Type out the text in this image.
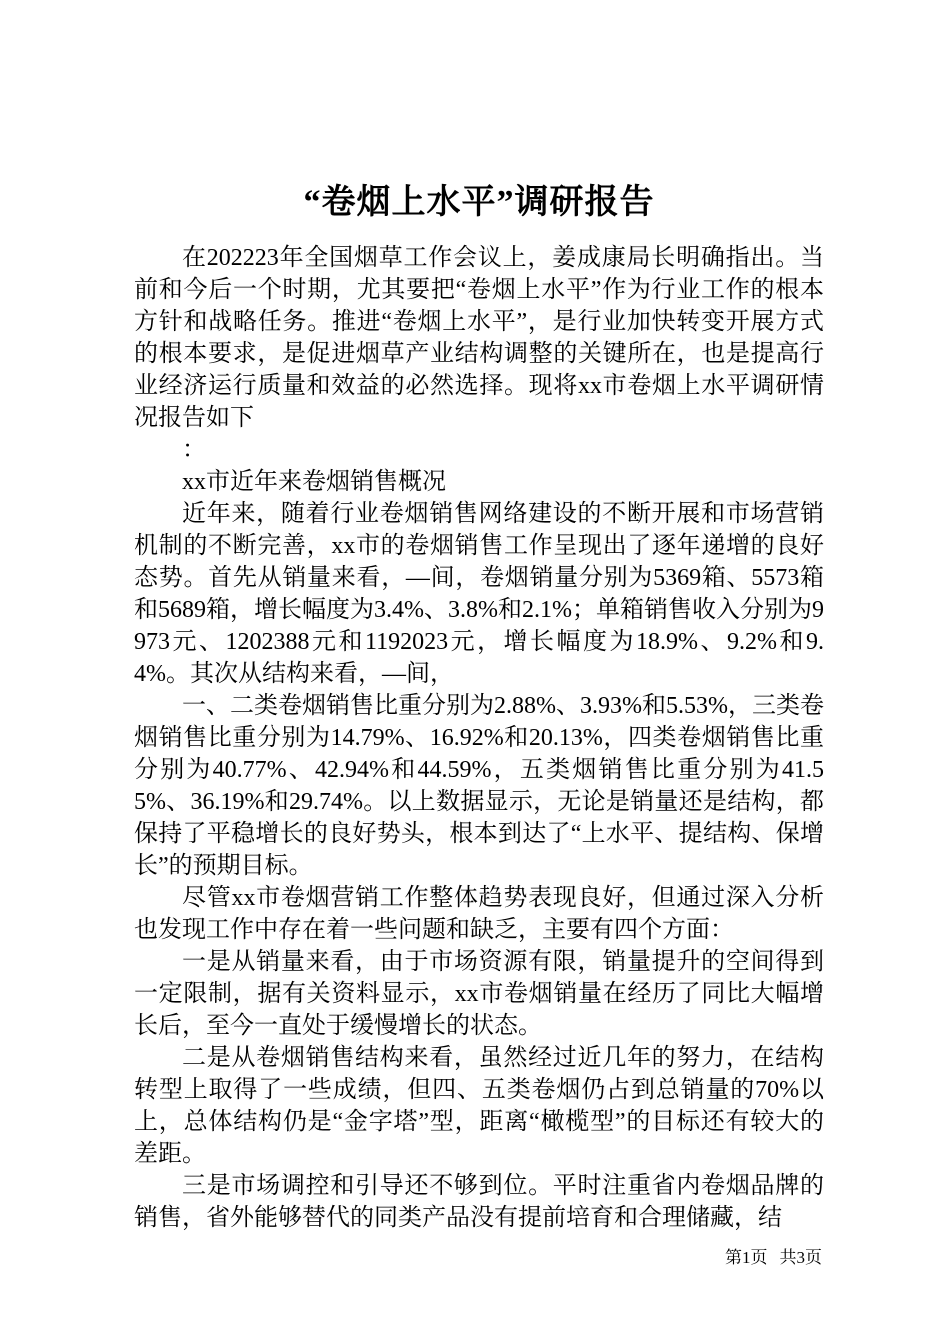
“卷烟上水平”调研报告

在202223年全国烟草工作会议上，姜成康局长明确指出。当前和今后一个时期，尤其要把“卷烟上水平”作为行业工作的根本方针和战略任务。推进“卷烟上水平”，是行业加快转变开展方式的根本要求，是促进烟草产业结构调整的关键所在，也是提高行业经济运行质量和效益的必然选择。现将xx市卷烟上水平调研情况报告如下

：

xx市近年来卷烟销售概况

近年来，随着行业卷烟销售网络建设的不断开展和市场营销机制的不断完善，xx市的卷烟销售工作呈现出了逐年递增的良好态势。首先从销量来看，—间，卷烟销量分别为5369箱、5573箱和5689箱，增长幅度为3.4%、3.8%和2.1%；单箱销售收入分别为9973元、1202388元和1192023元，增长幅度为18.9%、9.2%和9.4%。其次从结构来看，—间，

一、二类卷烟销售比重分别为2.88%、3.93%和5.53%，三类卷烟销售比重分别为14.79%、16.92%和20.13%，四类卷烟销售比重分别为40.77%、42.94%和44.59%，五类烟销售比重分别为41.55%、36.19%和29.74%。以上数据显示，无论是销量还是结构，都保持了平稳增长的良好势头，根本到达了“上水平、提结构、保增长”的预期目标。

尽管xx市卷烟营销工作整体趋势表现良好，但通过深入分析也发现工作中存在着一些问题和缺乏，主要有四个方面：

一是从销量来看，由于市场资源有限，销量提升的空间得到一定限制，据有关资料显示，xx市卷烟销量在经历了同比大幅增长后，至今一直处于缓慢增长的状态。

二是从卷烟销售结构来看，虽然经过近几年的努力，在结构转型上取得了一些成绩，但四、五类卷烟仍占到总销量的70%以上，总体结构仍是“金字塔”型，距离“橄榄型”的目标还有较大的差距。

三是市场调控和引导还不够到位。平时注重省内卷烟品牌的销售，省外能够替代的同类产品没有提前培育和合理储藏，结

第1页 共3页
